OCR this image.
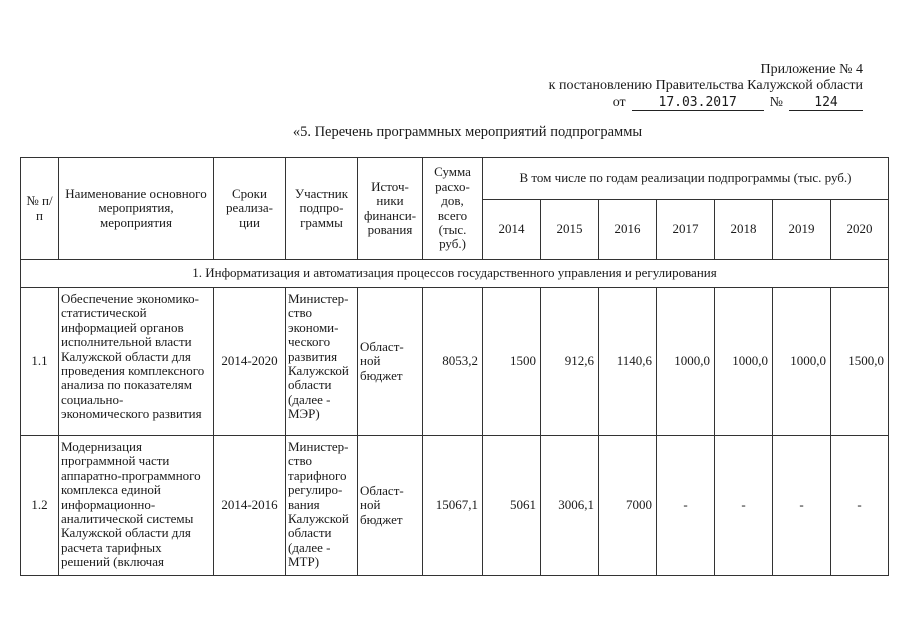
Приложение № 4
к постановлению Правительства Калужской области
от	17.03.2017	№	124
«5. Перечень программных мероприятий подпрограммы
№ п/п	Наименование основного мероприятия, мероприятия	Сроки реализа-ции	Участник подпро-граммы	Источ-ники финанси-рования	Сумма расхо-дов, всего (тыс. руб.)	В том числе по годам реализации подпрограммы (тыс. руб.)						
						2014	2015	2016	2017	2018	2019	2020
1. Информатизация и автоматизация процессов государственного управления и регулирования												
1.1	Обеспечение экономико-статистической информацией органов исполнительной власти Калужской области для проведения комплексного анализа по показателям социально-экономического развития	2014-2020	Министер-ство экономи-ческого развития Калужской области (далее - МЭР)	Област-ной бюджет	8053,2	1500	912,6	1140,6	1000,0	1000,0	1000,0	1500,0
1.2	Модернизация программной части аппаратно-программного комплекса единой информационно-аналитической системы Калужской области для расчета тарифных решений (включая	2014-2016	Министер-ство тарифного регулиро-вания Калужской области (далее - МТР)	Област-ной бюджет	15067,1	5061	3006,1	7000	-	-	-	-
